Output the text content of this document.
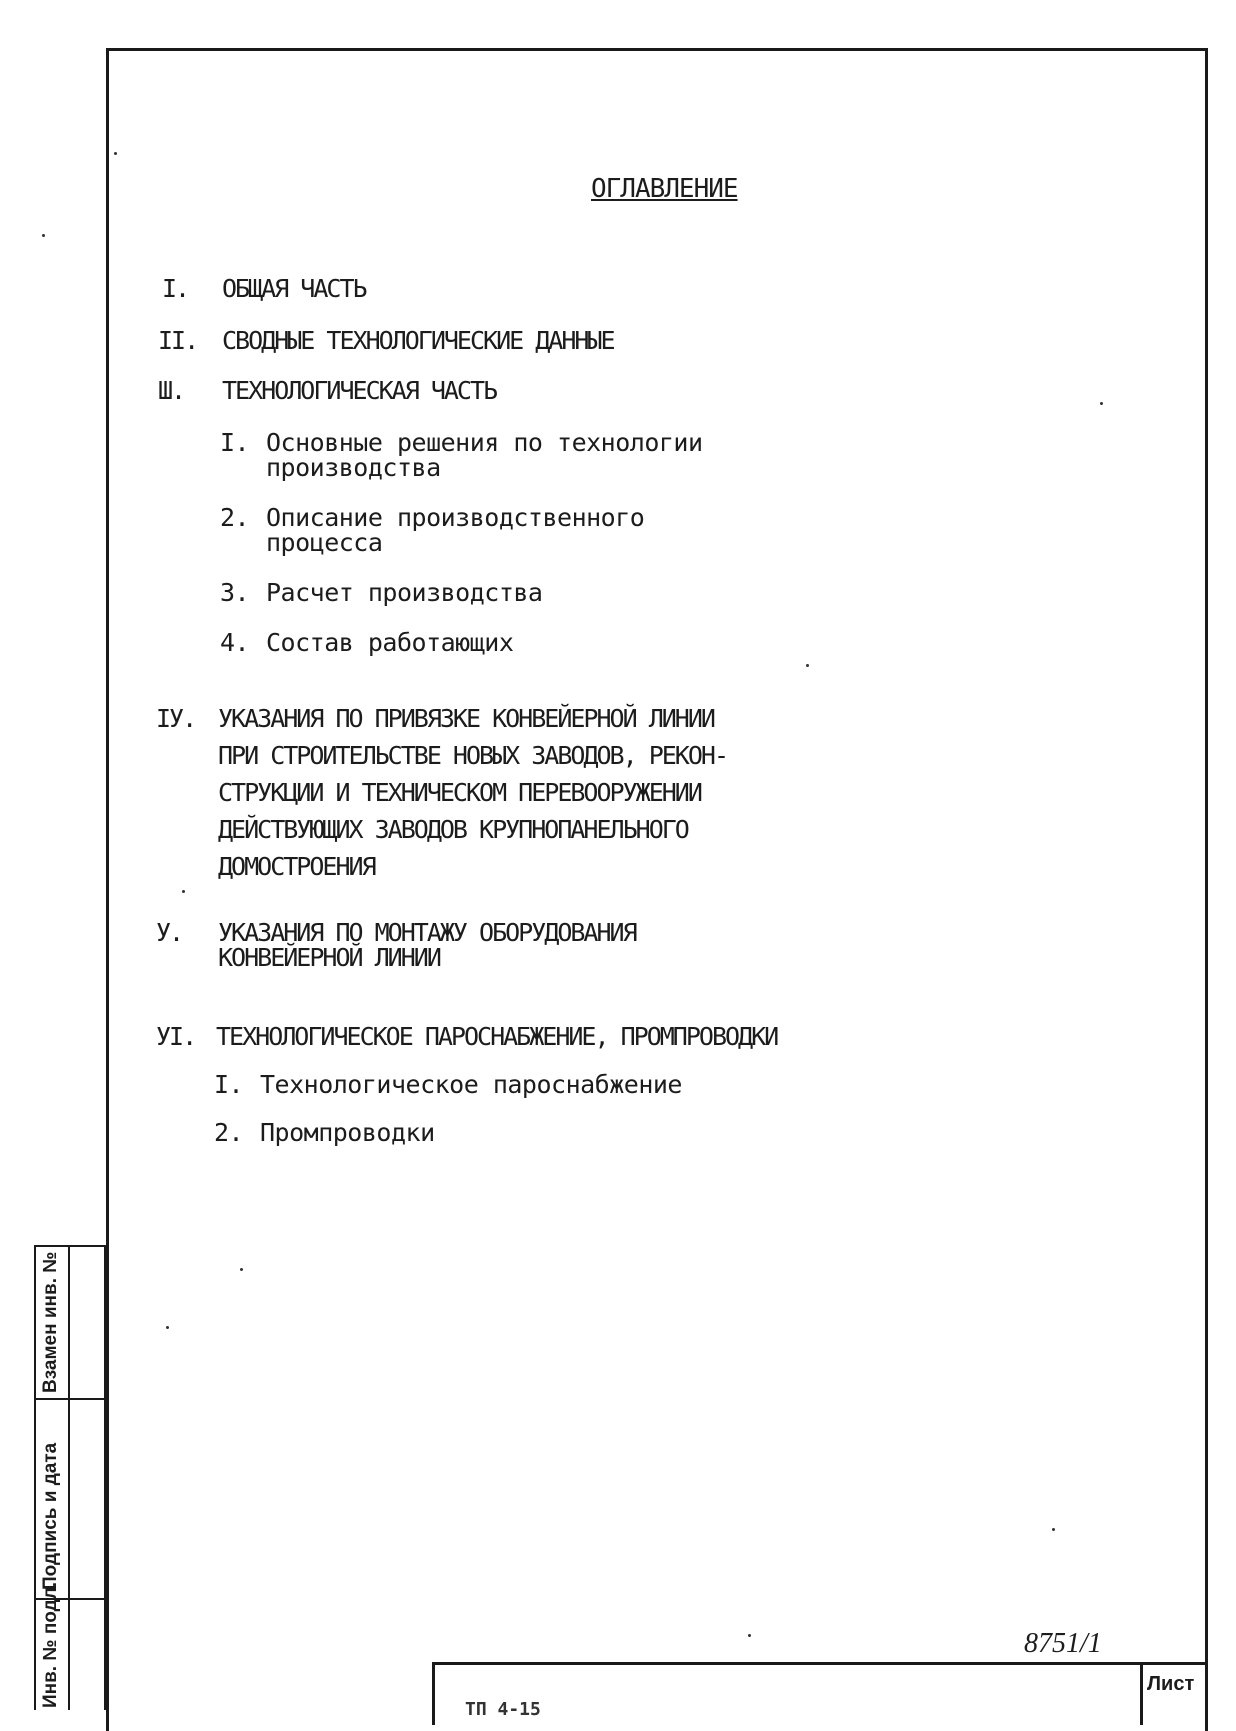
ОГЛАВЛЕНИЕ
I. ОБЩАЯ ЧАСТЬ
II. СВОДНЫЕ ТЕХНОЛОГИЧЕСКИЕ ДАННЫЕ
Ш. ТЕХНОЛОГИЧЕСКАЯ ЧАСТЬ
I. Основные решения по технологии
производства
2. Описание производственного
процесса
3. Расчет производства
4. Состав работающих
IУ. УКАЗАНИЯ ПО ПРИВЯЗКЕ КОНВЕЙЕРНОЙ ЛИНИИ
ПРИ СТРОИТЕЛЬСТВЕ НОВЫХ ЗАВОДОВ, РЕКОН-
СТРУКЦИИ И ТЕХНИЧЕСКОМ ПЕРЕВООРУЖЕНИИ
ДЕЙСТВУЮЩИХ ЗАВОДОВ КРУПНОПАНЕЛЬНОГО
ДОМОСТРОЕНИЯ
У. УКАЗАНИЯ ПО МОНТАЖУ ОБОРУДОВАНИЯ
КОНВЕЙЕРНОЙ ЛИНИИ
УI. ТЕХНОЛОГИЧЕСКОЕ ПАРОСНАБЖЕНИЕ, ПРОМПРОВОДКИ
I. Технологическое пароснабжение
2. Промпроводки
Инв. № подл.
Подпись и дата
Взамен инв. №
8751/1
ТП 4-15
Лист
